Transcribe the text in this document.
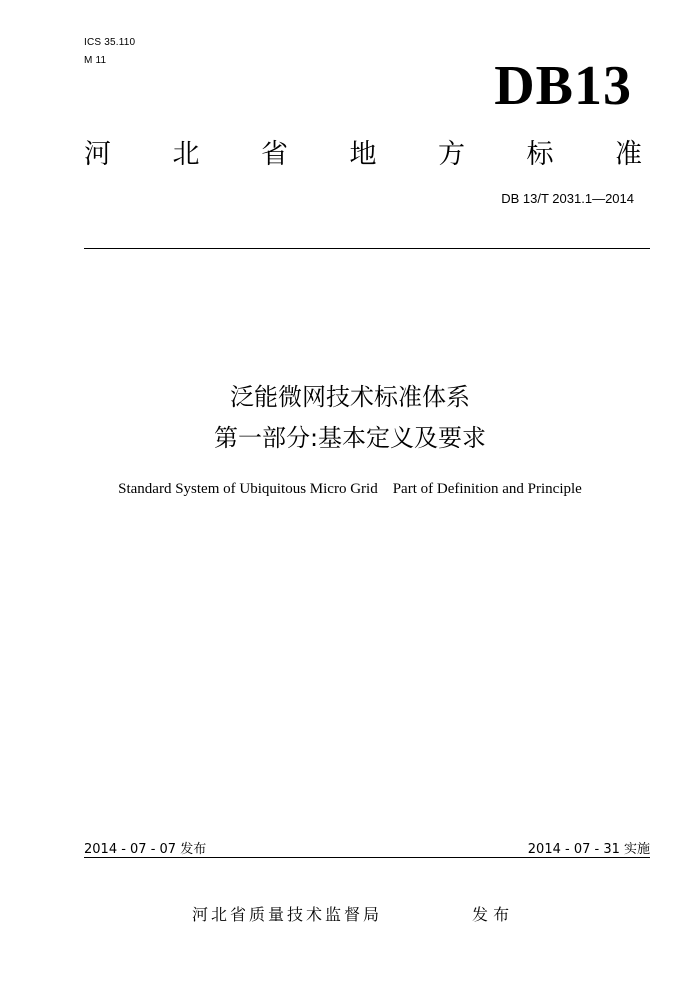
ICS 35.110
M 11	DB13
河 北 省 地 方 标 准
DB 13/T 2031.1—2014
泛能微网技术标准体系
第一部分:基本定义及要求
Standard System of Ubiquitous Micro Grid    Part of Definition and Principle
2014 - 07 - 07 发布	2014 - 07 - 31 实施
河北省质量技术监督局	发 布
